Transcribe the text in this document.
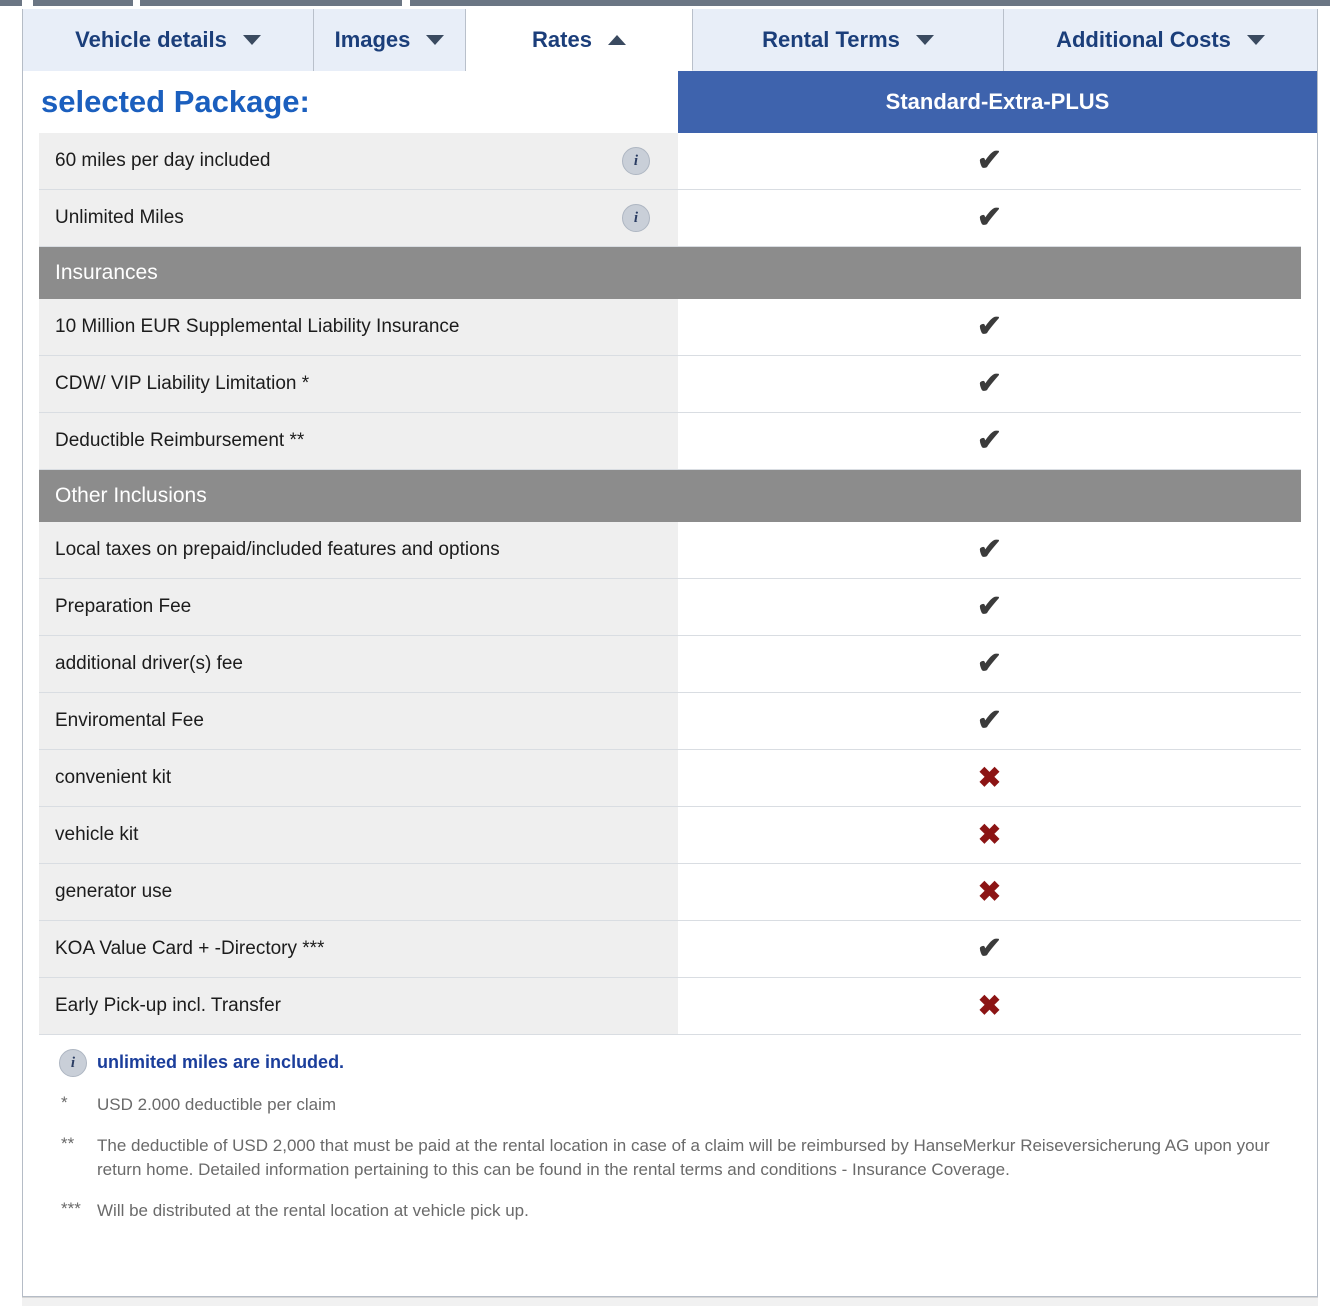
Vehicle details	Images	Rates	Rental Terms	Additional Costs
selected Package:	Standard-Extra-PLUS
60 miles per day included	i	✔
Unlimited Miles	i	✔
Insurances
10 Million EUR Supplemental Liability Insurance	✔
CDW/ VIP Liability Limitation *	✔
Deductible Reimbursement **	✔
Other Inclusions
Local taxes on prepaid/included features and options	✔
Preparation Fee	✔
additional driver(s) fee	✔
Enviromental Fee	✔
convenient kit	✖
vehicle kit	✖
generator use	✖
KOA Value Card + -Directory ***	✔
Early Pick-up incl. Transfer	✖
i	unlimited miles are included.
*	USD 2.000 deductible per claim
**	The deductible of USD 2,000 that must be paid at the rental location in case of a claim will be reimbursed by HanseMerkur Reiseversicherung AG upon your return home. Detailed information pertaining to this can be found in the rental terms and conditions - Insurance Coverage.
*** Will be distributed at the rental location at vehicle pick up.
